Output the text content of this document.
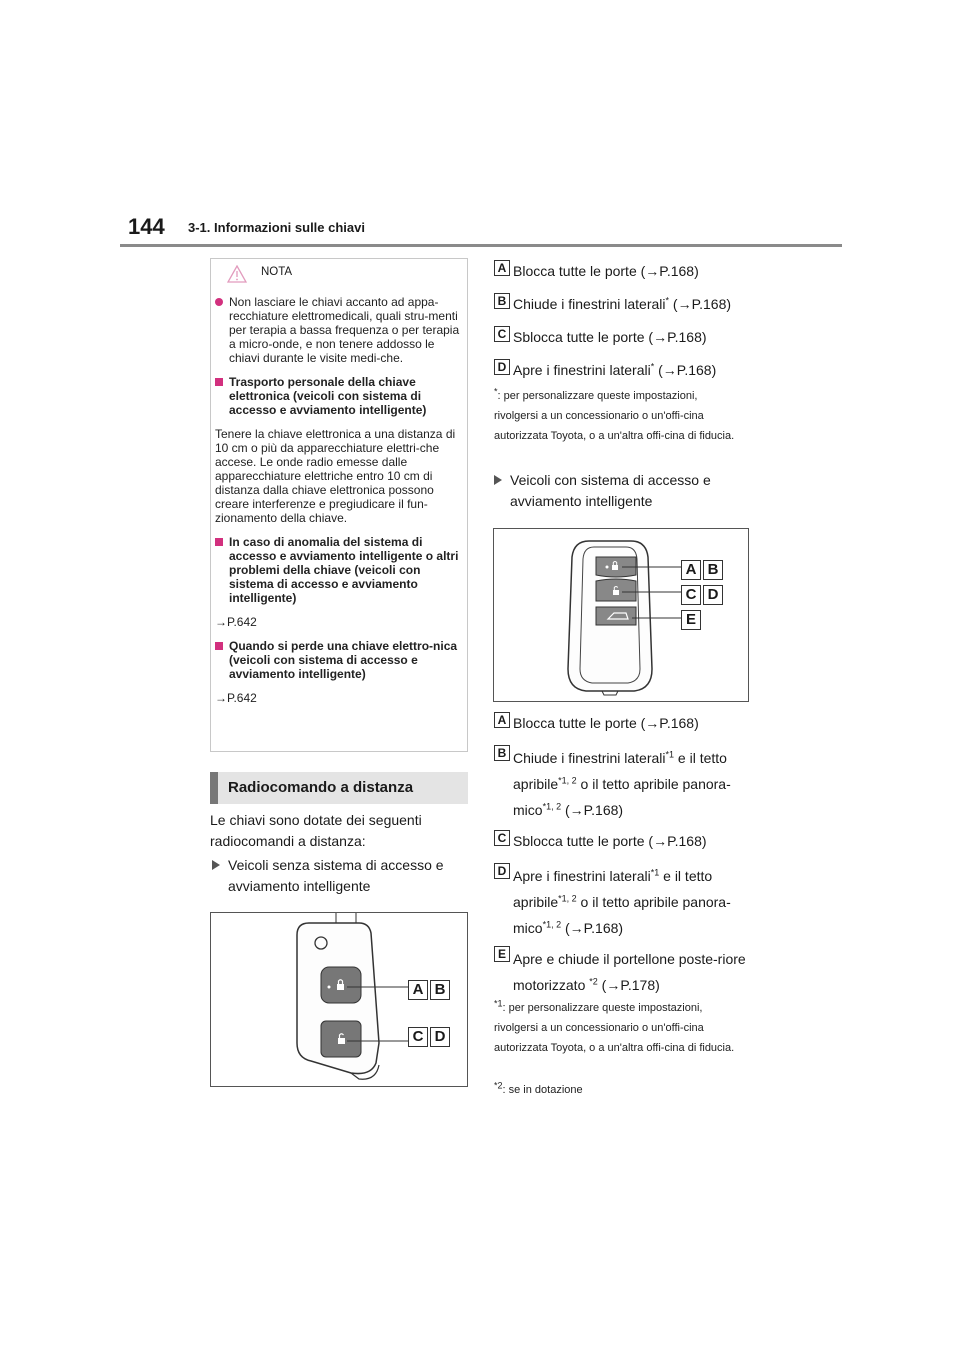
144 3-1. Informazioni sulle chiavi
NOTA
Non lasciare le chiavi accanto ad appa-recchiature elettromedicali, quali stru-menti per terapia a bassa frequenza o per terapia a micro-onde, e non tenere addosso le chiavi durante le visite medi-che.
Trasporto personale della chiave elettronica (veicoli con sistema di accesso e avviamento intelligente)

Tenere la chiave elettronica a una distanza di 10 cm o più da apparecchiature elettri-che accese. Le onde radio emesse dalle apparecchiature elettriche entro 10 cm di distanza dalla chiave elettronica possono creare interferenze e pregiudicare il fun-zionamento della chiave.

In caso di anomalia del sistema di accesso e avviamento intelligente o altri problemi della chiave (veicoli con sistema di accesso e avviamento intelligente)

→P.642

Quando si perde una chiave elettro-nica (veicoli con sistema di accesso e avviamento intelligente)

→P.642

Radiocomando a distanza
Le chiavi sono dotate dei seguenti radiocomandi a distanza:
Veicoli senza sistema di accesso e avviamento intelligente
A B
C D
A Blocca tutte le porte (→P.168)
B Chiude i finestrini laterali* (→P.168)
C Sblocca tutte le porte (→P.168)
D Apre i finestrini laterali* (→P.168)
*: per personalizzare queste impostazioni, rivolgersi a un concessionario o un'offi-cina autorizzata Toyota, o a un'altra offi-cina di fiducia.
Veicoli con sistema di accesso e avviamento intelligente
A B
C D
E
A Blocca tutte le porte (→P.168)
B Chiude i finestrini laterali$^{*1}$ e il tetto apribile$^{*1, 2}$ o il tetto apribile panora-mico$^{*1, 2}$ (→P.168)
C Sblocca tutte le porte (→P.168)
D Apre i finestrini laterali$^{*1}$ e il tetto apribile$^{*1, 2}$ o il tetto apribile panora-mico$^{*1, 2}$ (→P.168)
E Apre e chiude il portellone poste-riore motorizzato $^{*2}$ (→P.178)
$^{*1}$: per personalizzare queste impostazioni, rivolgersi a un concessionario o un'offi-cina autorizzata Toyota, o a un'altra offi-cina di fiducia.
$^{*2}$: se in dotazione
